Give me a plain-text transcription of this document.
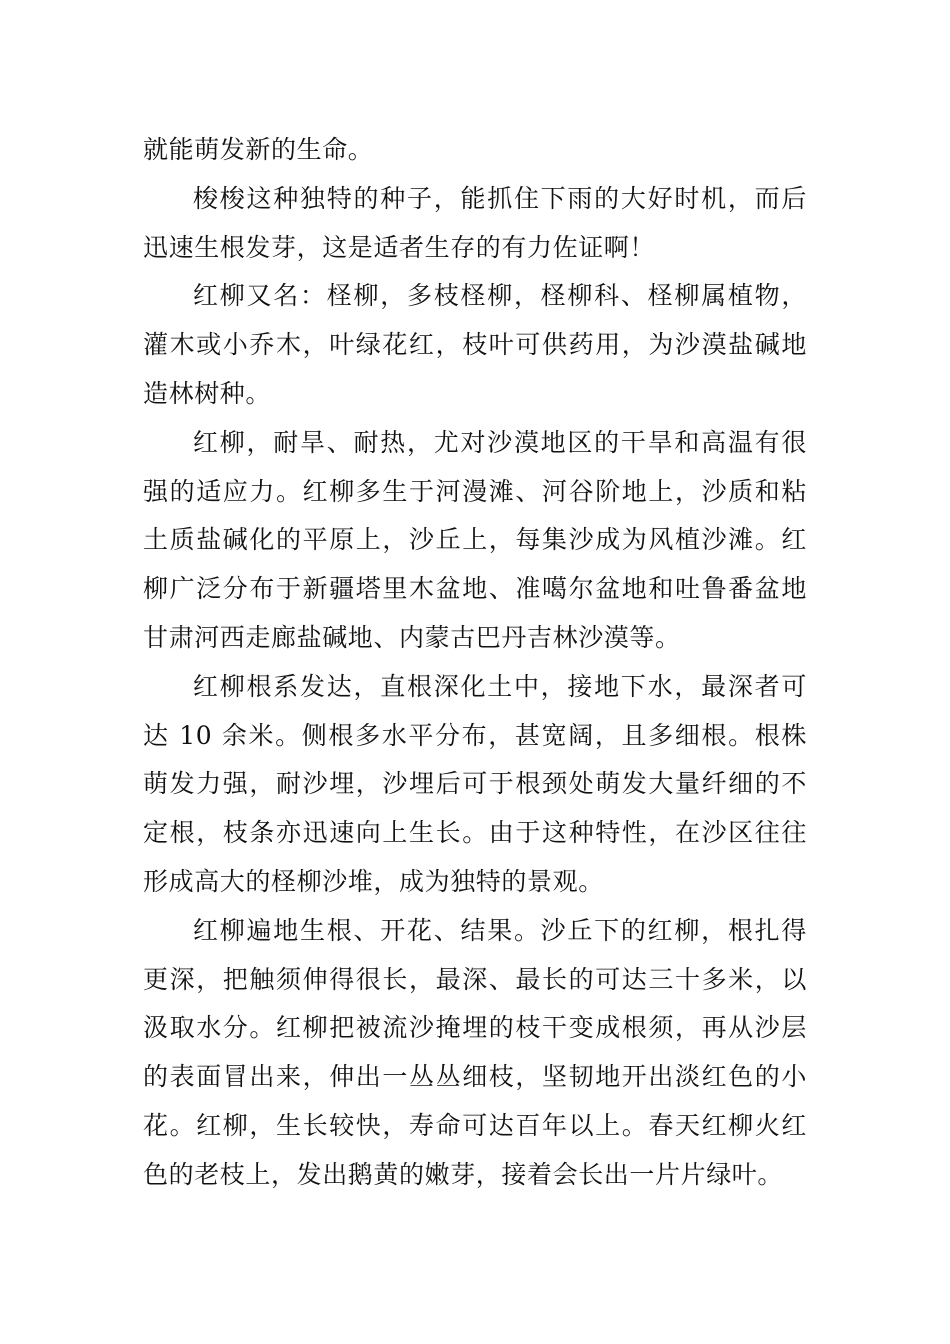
就能萌发新的生命。

梭梭这种独特的种子，能抓住下雨的大好时机，而后迅速生根发芽，这是适者生存的有力佐证啊！

红柳又名：柽柳，多枝柽柳，柽柳科、柽柳属植物，灌木或小乔木，叶绿花红，枝叶可供药用，为沙漠盐碱地造林树种。

红柳，耐旱、耐热，尤对沙漠地区的干旱和高温有很强的适应力。红柳多生于河漫滩、河谷阶地上，沙质和粘土质盐碱化的平原上，沙丘上，每集沙成为风植沙滩。红柳广泛分布于新疆塔里木盆地、准噶尔盆地和吐鲁番盆地甘肃河西走廊盐碱地、内蒙古巴丹吉林沙漠等。

红柳根系发达，直根深化土中，接地下水，最深者可达 10 余米。侧根多水平分布，甚宽阔，且多细根。根株萌发力强，耐沙埋，沙埋后可于根颈处萌发大量纤细的不定根，枝条亦迅速向上生长。由于这种特性，在沙区往往形成高大的柽柳沙堆，成为独特的景观。

红柳遍地生根、开花、结果。沙丘下的红柳，根扎得更深，把触须伸得很长，最深、最长的可达三十多米，以汲取水分。红柳把被流沙掩埋的枝干变成根须，再从沙层的表面冒出来，伸出一丛丛细枝，坚韧地开出淡红色的小花。红柳，生长较快，寿命可达百年以上。春天红柳火红色的老枝上，发出鹅黄的嫩芽，接着会长出一片片绿叶。
